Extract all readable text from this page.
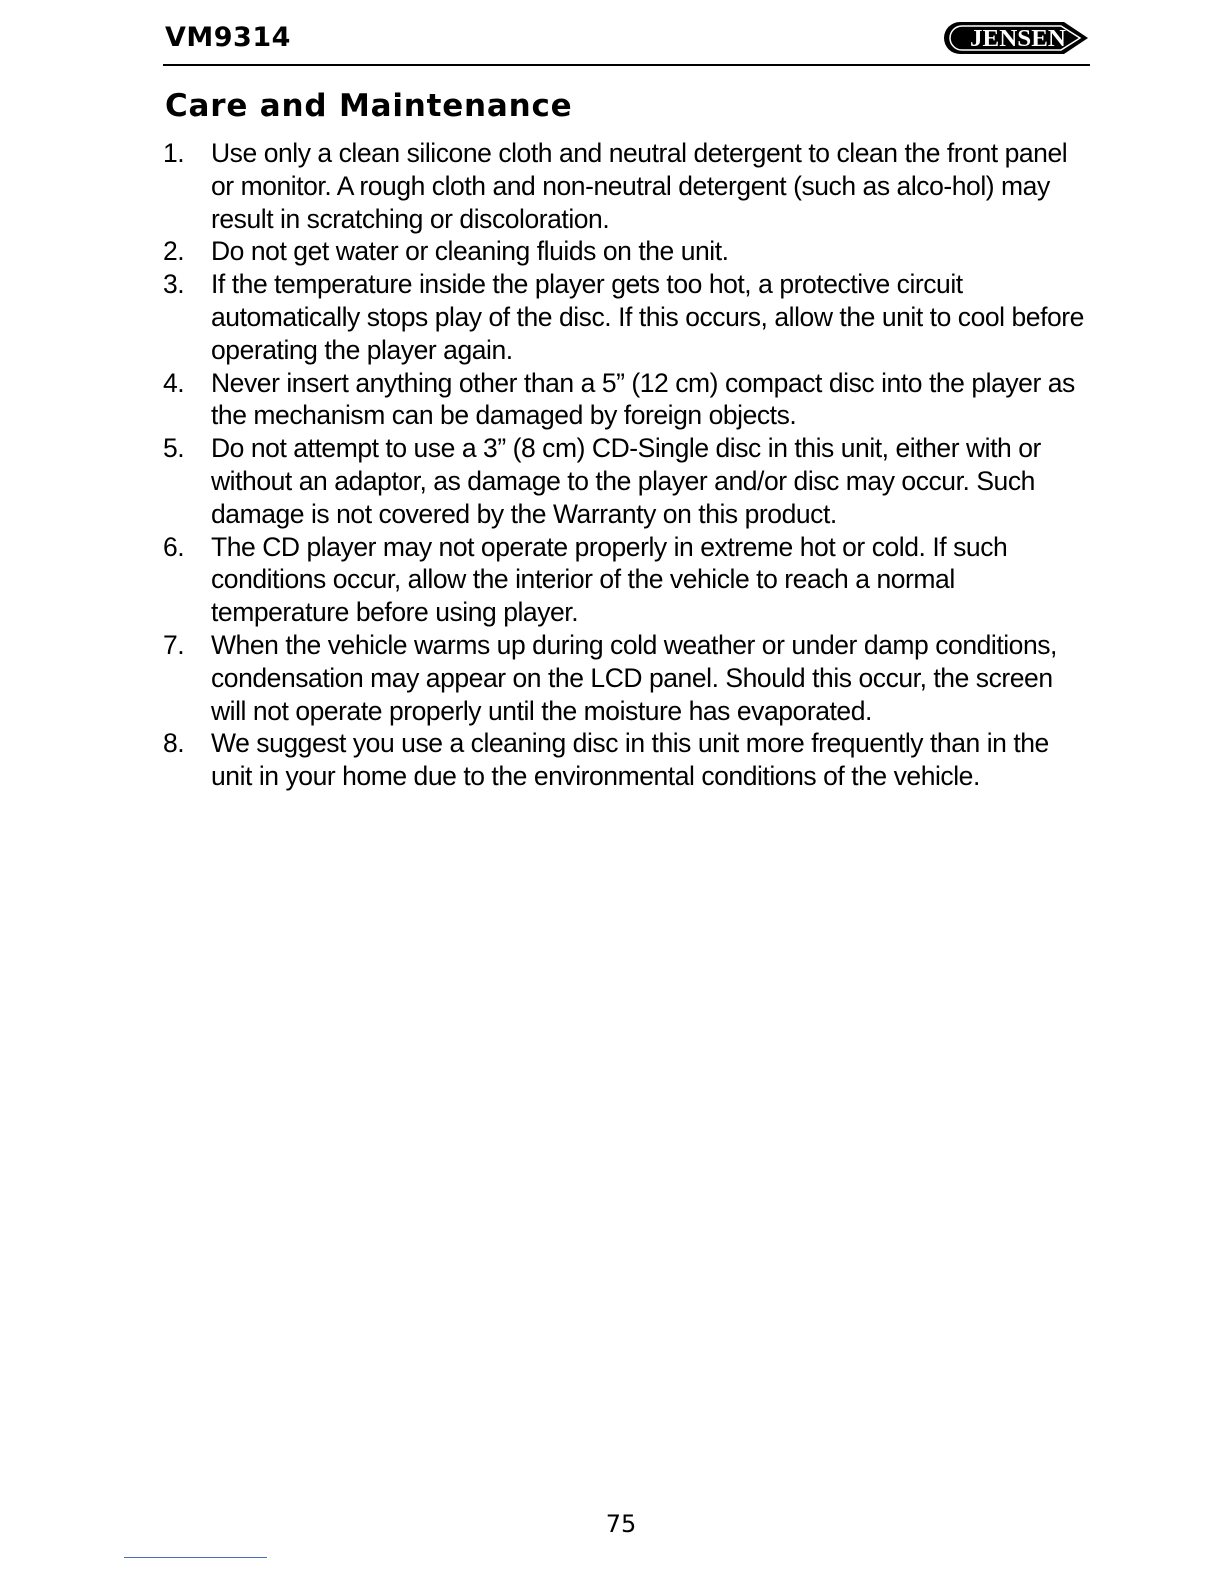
VM9314	JENSEN
Care and Maintenance
1. Use only a clean silicone cloth and neutral detergent to clean the front panel or monitor. A rough cloth and non-neutral detergent (such as alco-hol) may result in scratching or discoloration.
2. Do not get water or cleaning fluids on the unit.
3. If the temperature inside the player gets too hot, a protective circuit automatically stops play of the disc. If this occurs, allow the unit to cool before operating the player again.
4. Never insert anything other than a 5” (12 cm) compact disc into the player as the mechanism can be damaged by foreign objects.
5. Do not attempt to use a 3” (8 cm) CD-Single disc in this unit, either with or without an adaptor, as damage to the player and/or disc may occur. Such damage is not covered by the Warranty on this product.
6. The CD player may not operate properly in extreme hot or cold. If such conditions occur, allow the interior of the vehicle to reach a normal temperature before using player.
7. When the vehicle warms up during cold weather or under damp conditions, condensation may appear on the LCD panel. Should this occur, the screen will not operate properly until the moisture has evaporated.
8. We suggest you use a cleaning disc in this unit more frequently than in the unit in your home due to the environmental conditions of the vehicle.
75
